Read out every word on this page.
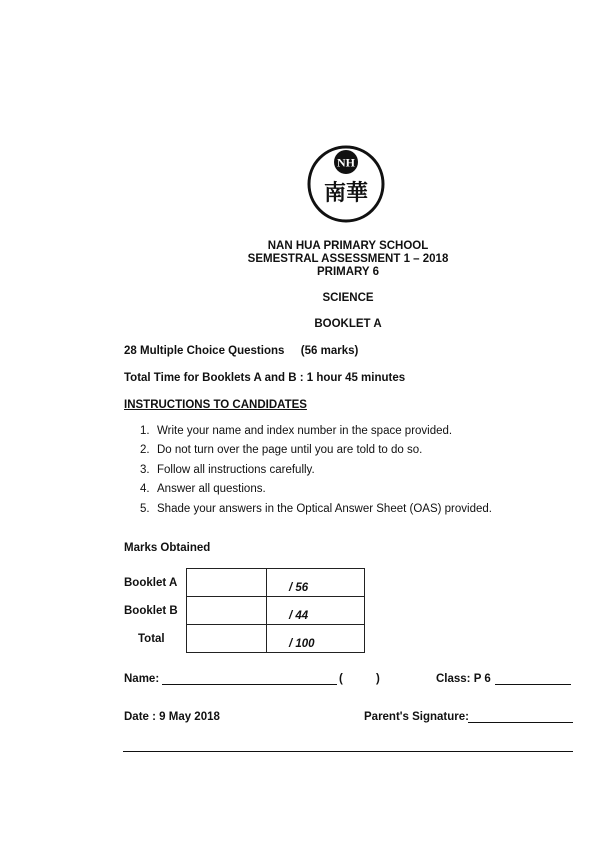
NH
南華
NAN HUA PRIMARY SCHOOL
SEMESTRAL ASSESSMENT 1 – 2018
PRIMARY 6
SCIENCE
BOOKLET A
28 Multiple Choice Questions (56 marks)
Total Time for Booklets A and B : 1 hour 45 minutes
INSTRUCTIONS TO CANDIDATES
1. Write your name and index number in the space provided.
2. Do not turn over the page until you are told to do so.
3. Follow all instructions carefully.
4. Answer all questions.
5. Shade your answers in the Optical Answer Sheet (OAS) provided.
Marks Obtained
Booklet A		/ 56
Booklet B		/ 44
Total		/ 100
Name:	(	)	Class: P 6
Date : 9 May 2018	Parent's Signature:
